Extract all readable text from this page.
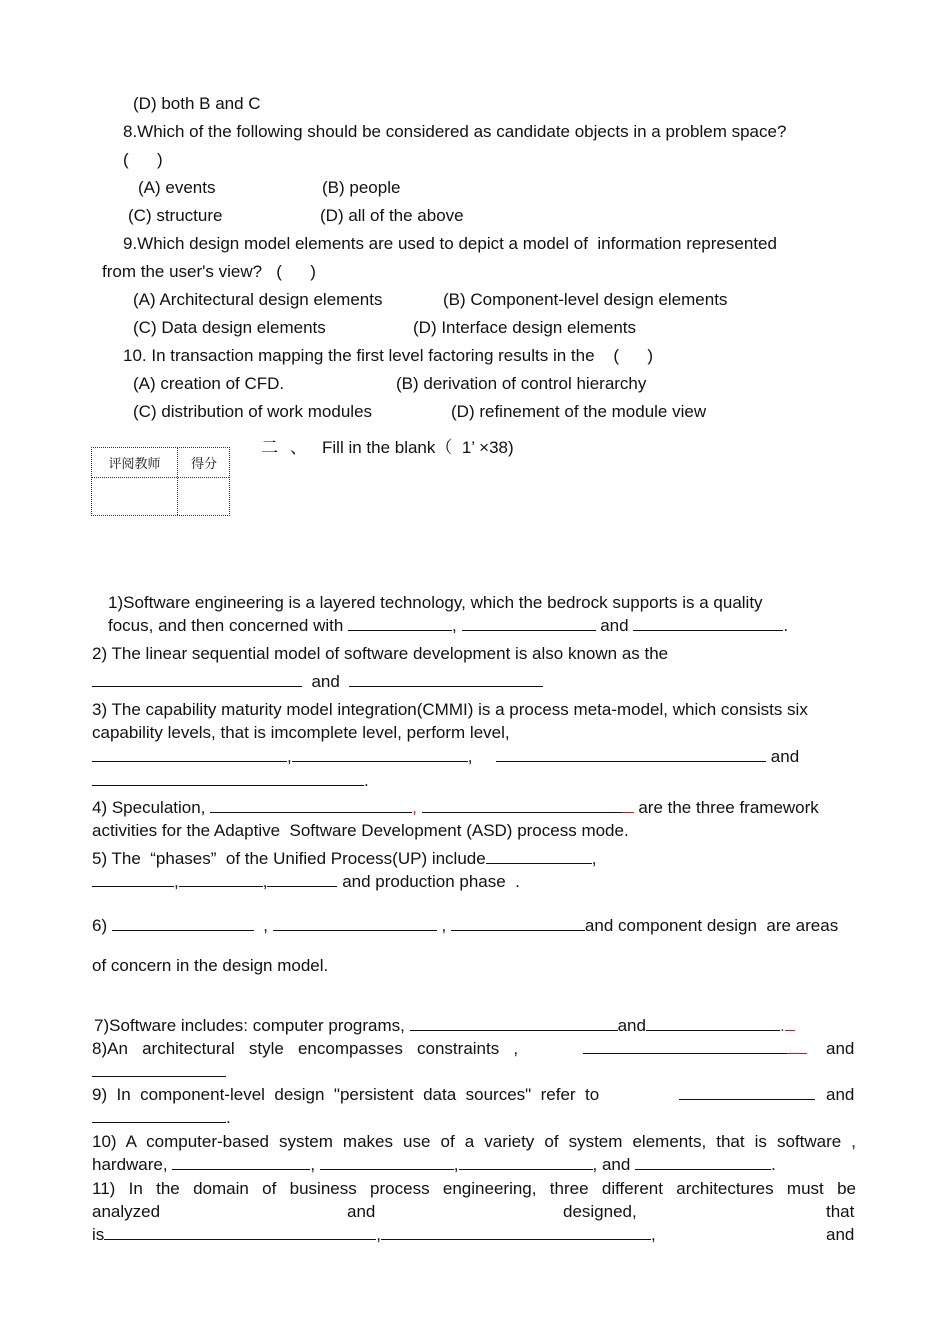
(D) both B and C
8.Which of the following should be considered as candidate objects in a problem space?
(      )
(A) events	(B) people
(C) structure	(D) all of the above
9.Which design model elements are used to depict a model of  information represented
from the user's view?   (      )
(A) Architectural design elements	(B) Component-level design elements
(C) Data design elements	(D) Interface design elements
10. In transaction mapping the first level factoring results in the    (      )
(A) creation of CFD.	(B) derivation of control hierarchy
(C) distribution of work modules	(D) refinement of the module view
评阅教师	得分
二 、 Fill in the blank（  1’ ×38)
1)Software engineering is a layered technology, which the bedrock supports is a quality
focus, and then concerned with	,	and	.
2) The linear sequential model of software development is also known as the
and
3) The capability maturity model integration(CMMI) is a process meta-model, which consists six
capability levels, that is imcomplete level, perform level,
,	,	and
.
4) Speculation,	,	are the three framework
activities for the Adaptive  Software Development (ASD) process mode.
5) The  “phases”  of the Unified Process(UP) include	,
,	,	and production phase  .
6)	,	,	and component design  are areas
of concern in the design model.
7)Software includes: computer programs,	and	.
8)An   architectural   style   encompasses   constraints   ,	and
9)  In  component-level  design  "persistent  data  sources"  refer  to	and
.
10) A computer-based system makes use of a variety of system elements, that is software ,
hardware,	,	,	, and	.
11) In the domain of business process engineering, three different architectures must be
analyzed	and	designed,	that
is	,	,	and
